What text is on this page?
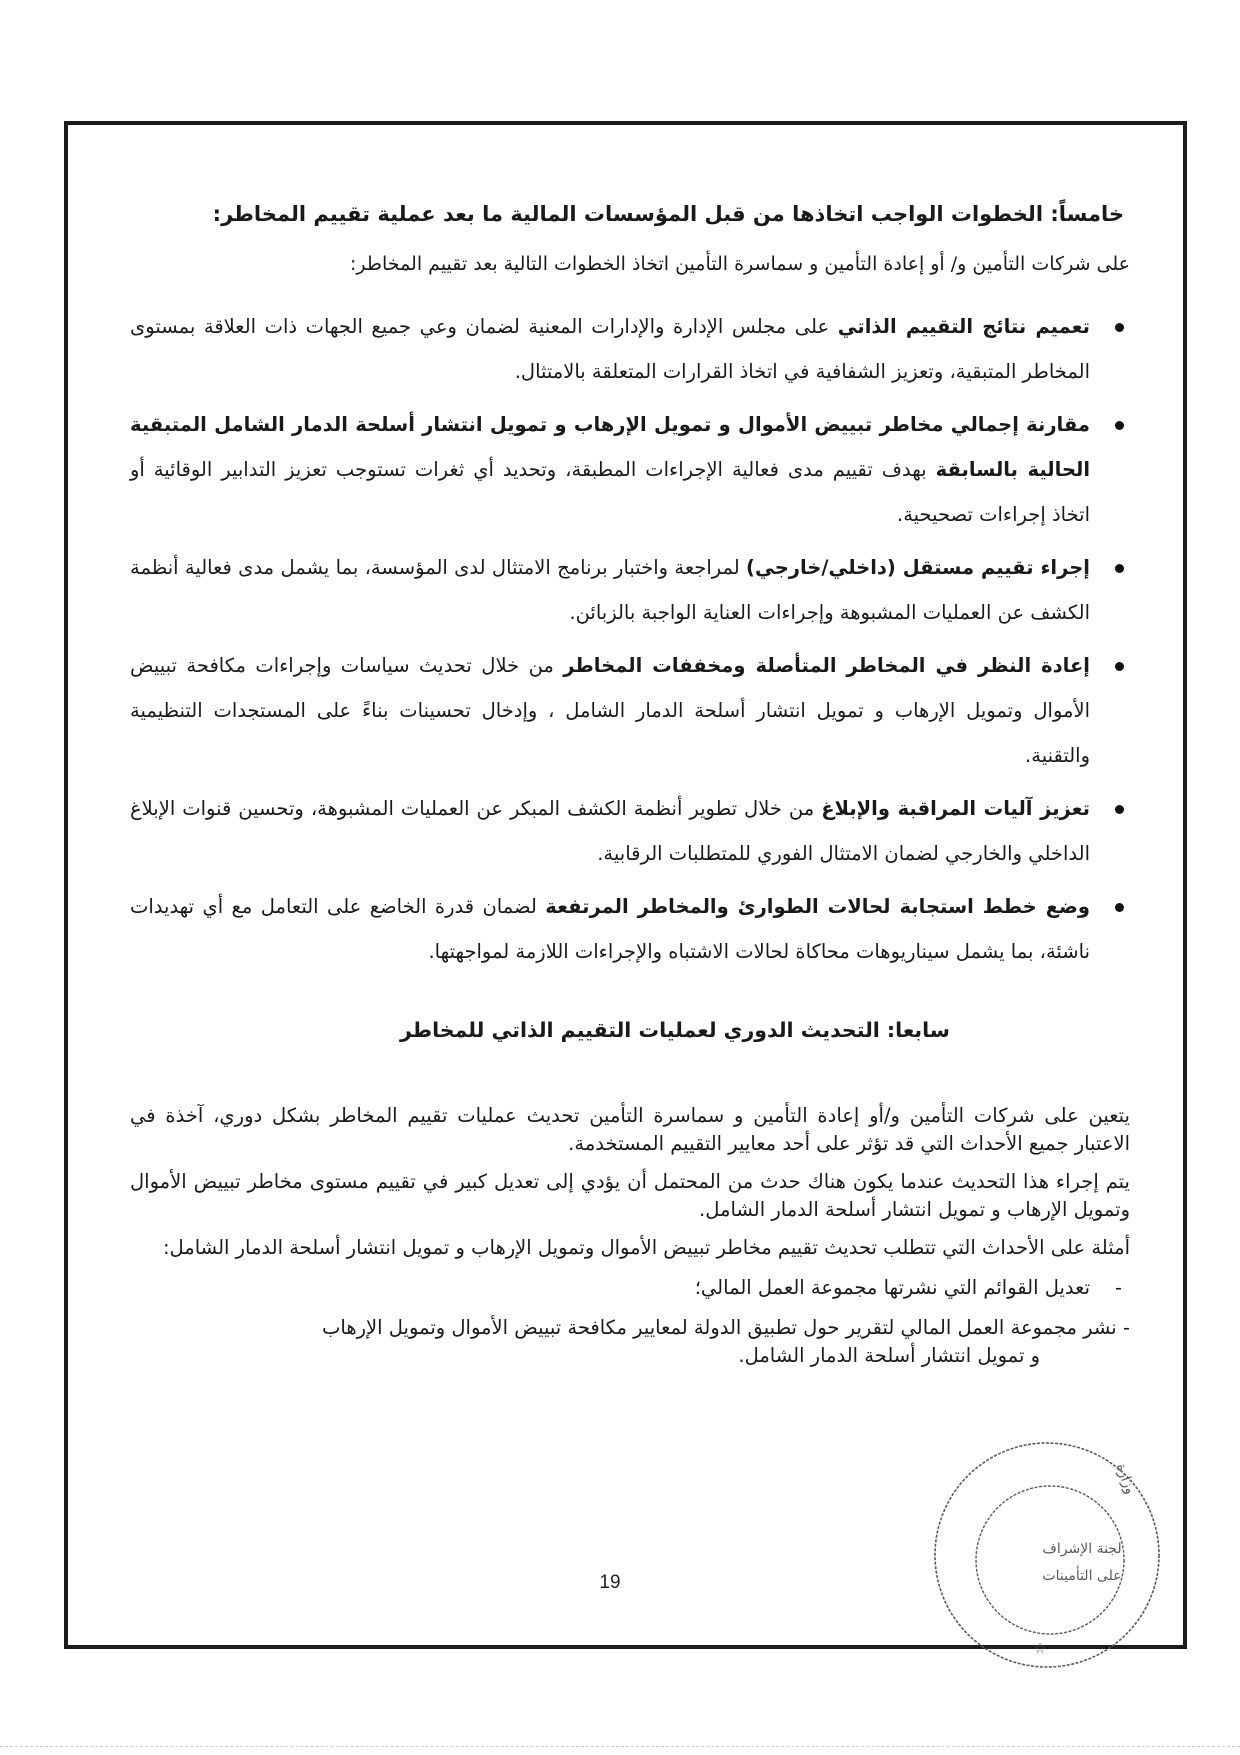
خامساً: الخطوات الواجب اتخاذها من قبل المؤسسات المالية ما بعد عملية تقييم المخاطر:

على شركات التأمين و/ أو إعادة التأمين و سماسرة التأمين اتخاذ الخطوات التالية بعد تقييم المخاطر:

تعميم نتائج التقييم الذاتي على مجلس الإدارة والإدارات المعنية لضمان وعي جميع الجهات ذات العلاقة بمستوى المخاطر المتبقية، وتعزيز الشفافية في اتخاذ القرارات المتعلقة بالامتثال.
مقارنة إجمالي مخاطر تبييض الأموال و تمويل الإرهاب و تمويل انتشار أسلحة الدمار الشامل المتبقية الحالية بالسابقة بهدف تقييم مدى فعالية الإجراءات المطبقة، وتحديد أي ثغرات تستوجب تعزيز التدابير الوقائية أو اتخاذ إجراءات تصحيحية.
إجراء تقييم مستقل (داخلي/خارجي) لمراجعة واختبار برنامج الامتثال لدى المؤسسة، بما يشمل مدى فعالية أنظمة الكشف عن العمليات المشبوهة وإجراءات العناية الواجبة بالزبائن.
إعادة النظر في المخاطر المتأصلة ومخففات المخاطر من خلال تحديث سياسات وإجراءات مكافحة تبييض الأموال وتمويل الإرهاب و تمويل انتشار أسلحة الدمار الشامل ، وإدخال تحسينات بناءً على المستجدات التنظيمية والتقنية.
تعزيز آليات المراقبة والإبلاغ من خلال تطوير أنظمة الكشف المبكر عن العمليات المشبوهة، وتحسين قنوات الإبلاغ الداخلي والخارجي لضمان الامتثال الفوري للمتطلبات الرقابية.
وضع خطط استجابة لحالات الطوارئ والمخاطر المرتفعة لضمان قدرة الخاضع على التعامل مع أي تهديدات ناشئة، بما يشمل سيناريوهات محاكاة لحالات الاشتباه والإجراءات اللازمة لمواجهتها.
سابعا: التحديث الدوري لعمليات التقييم الذاتي للمخاطر

يتعين على شركات التأمين و/أو إعادة التأمين و سماسرة التأمين تحديث عمليات تقييم المخاطر بشكل دوري، آخذة في الاعتبار جميع الأحداث التي قد تؤثر على أحد معايير التقييم المستخدمة.

يتم إجراء هذا التحديث عندما يكون هناك حدث من المحتمل أن يؤدي إلى تعديل كبير في تقييم مستوى مخاطر تبييض الأموال وتمويل الإرهاب و تمويل انتشار أسلحة الدمار الشامل.

أمثلة على الأحداث التي تتطلب تحديث تقييم مخاطر تبييض الأموال وتمويل الإرهاب و تمويل انتشار أسلحة الدمار الشامل:

-
تعديل القوائم التي نشرتها مجموعة العمل المالي؛
- نشر مجموعة العمل المالي لتقرير حول تطبيق الدولة لمعايير مكافحة تبييض الأموال وتمويل الإرهاب
و تمويل انتشار أسلحة الدمار الشامل.
19
وزارة
لجنة الإشراف
على التأمينات
☆
